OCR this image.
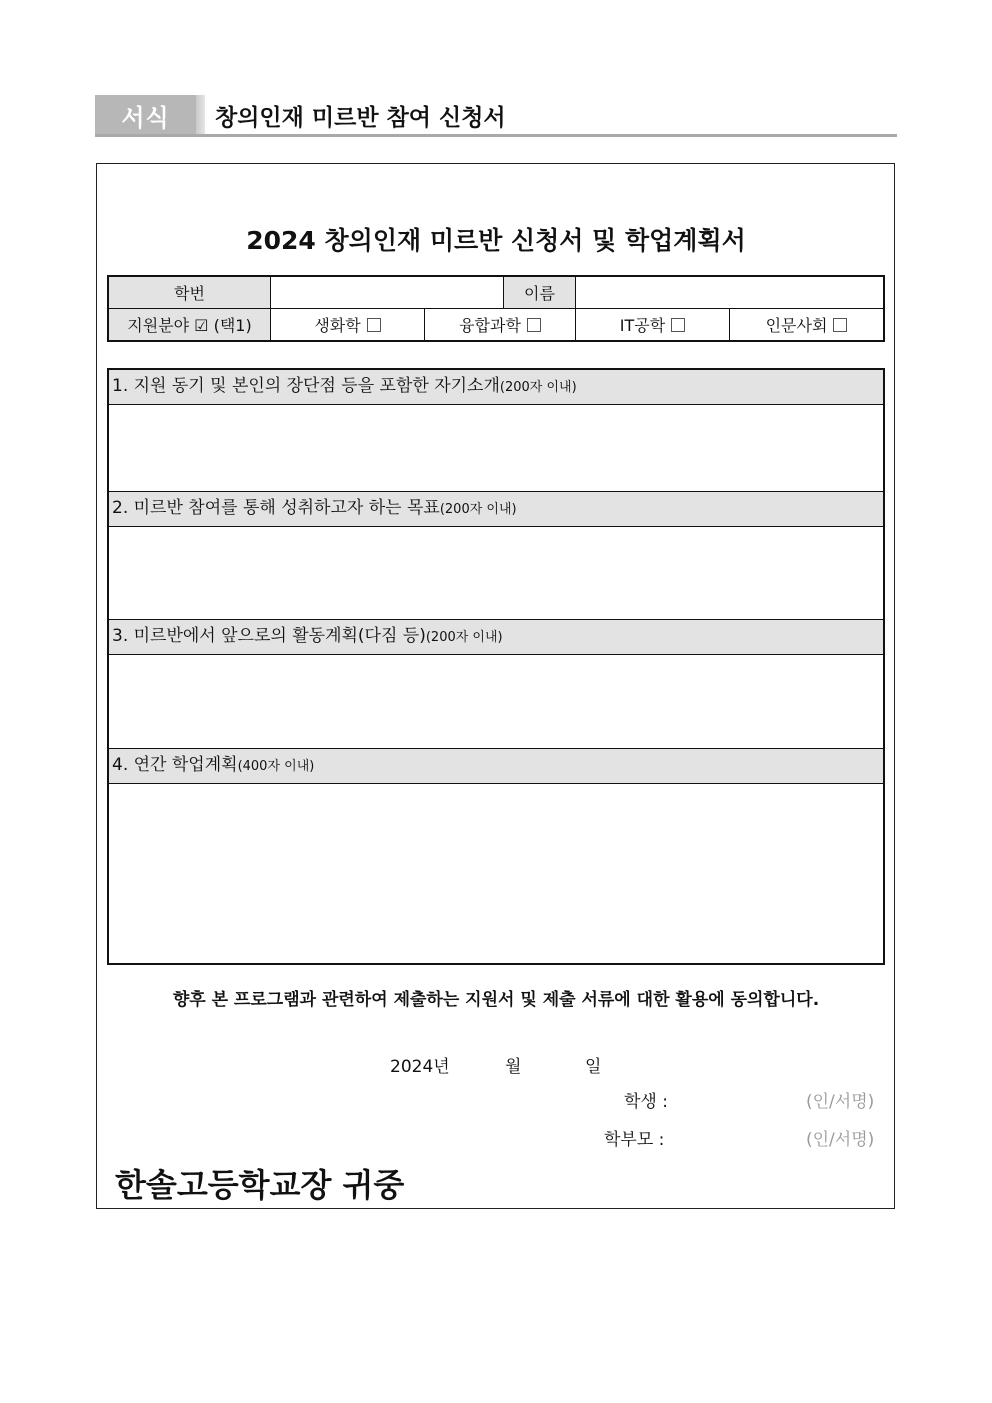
서식	창의인재 미르반 참여 신청서
2024 창의인재 미르반 신청서 및 학업계획서
학번			이름		
지원분야 ☑ (택1)	생화학	융합과학		IT공학	인문사회
1. 지원 동기 및 본인의 장단점 등을 포함한 자기소개(200자 이내)
2. 미르반 참여를 통해 성취하고자 하는 목표(200자 이내)
3. 미르반에서 앞으로의 활동계획(다짐 등)(200자 이내)
4. 연간 학업계획(400자 이내)
향후 본 프로그램과 관련하여 제출하는 지원서 및 제출 서류에 대한 활용에 동의합니다.
2024년	월	일
학생 :	(인/서명)
학부모 :	(인/서명)
한솔고등학교장 귀중
